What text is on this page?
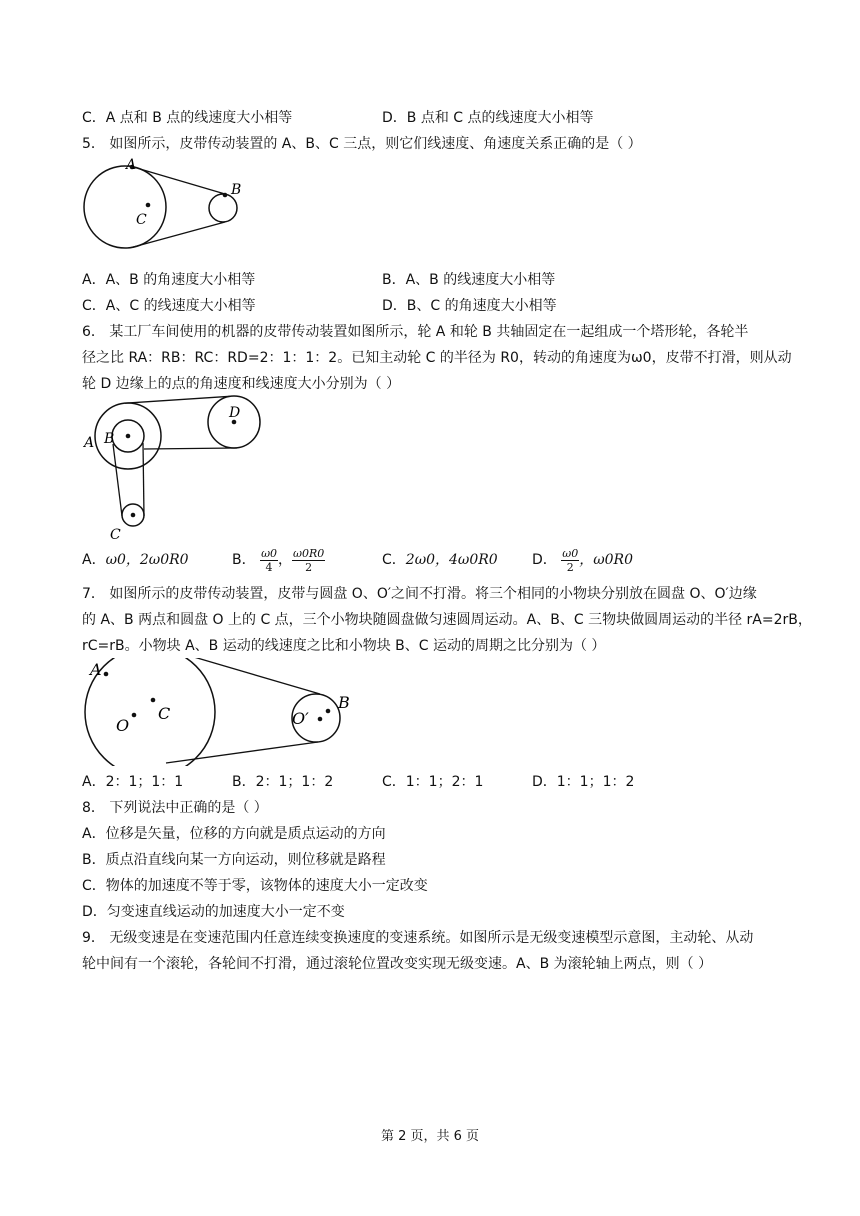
C．A 点和 B 点的线速度大小相等	D．B 点和 C 点的线速度大小相等
5． 如图所示，皮带传动装置的 A、B、C 三点，则它们线速度、角速度关系正确的是（ ）
A
B
C
A．A、B 的角速度大小相等	B．A、B 的线速度大小相等
C．A、C 的线速度大小相等	D．B、C 的角速度大小相等
6． 某工厂车间使用的机器的皮带传动装置如图所示，轮 A 和轮 B 共轴固定在一起组成一个塔形轮，各轮半
径之比 RA：RB：RC：RD=2：1：1：2。已知主动轮 C 的半径为 R0，转动的角速度为ω0，皮带不打滑，则从动
轮 D 边缘上的点的角速度和线速度大小分别为（ ）
A B
C
D
A．ω0，2ω0R0	B． $\frac{\omega 0}{4}$ ， $\frac{\omega 0R0}{2}$	C．2ω0，4ω0R0 D． $\frac{\omega 0}{2}$ ，ω0R0
7． 如图所示的皮带传动装置，皮带与圆盘 O、O′之间不打滑。将三个相同的小物块分别放在圆盘 O、O′边缘
的 A、B 两点和圆盘 O 上的 C 点，三个小物块随圆盘做匀速圆周运动。A、B、C 三物块做圆周运动的半径 rA=2rB，
rC=rB。小物块 A、B 运动的线速度之比和小物块 B、C 运动的周期之比分别为（ ）
A
C
O	O′
B
A．2：1；1：1	B．2：1；1：2	C．1：1；2：1	D．1：1；1：2
8． 下列说法中正确的是（ ）
A．位移是矢量，位移的方向就是质点运动的方向
B．质点沿直线向某一方向运动，则位移就是路程
C．物体的加速度不等于零，该物体的速度大小一定改变
D．匀变速直线运动的加速度大小一定不变
9． 无级变速是在变速范围内任意连续变换速度的变速系统。如图所示是无级变速模型示意图，主动轮、从动
轮中间有一个滚轮，各轮间不打滑，通过滚轮位置改变实现无级变速。A、B 为滚轮轴上两点，则（ ）
第 2 页，共 6 页
